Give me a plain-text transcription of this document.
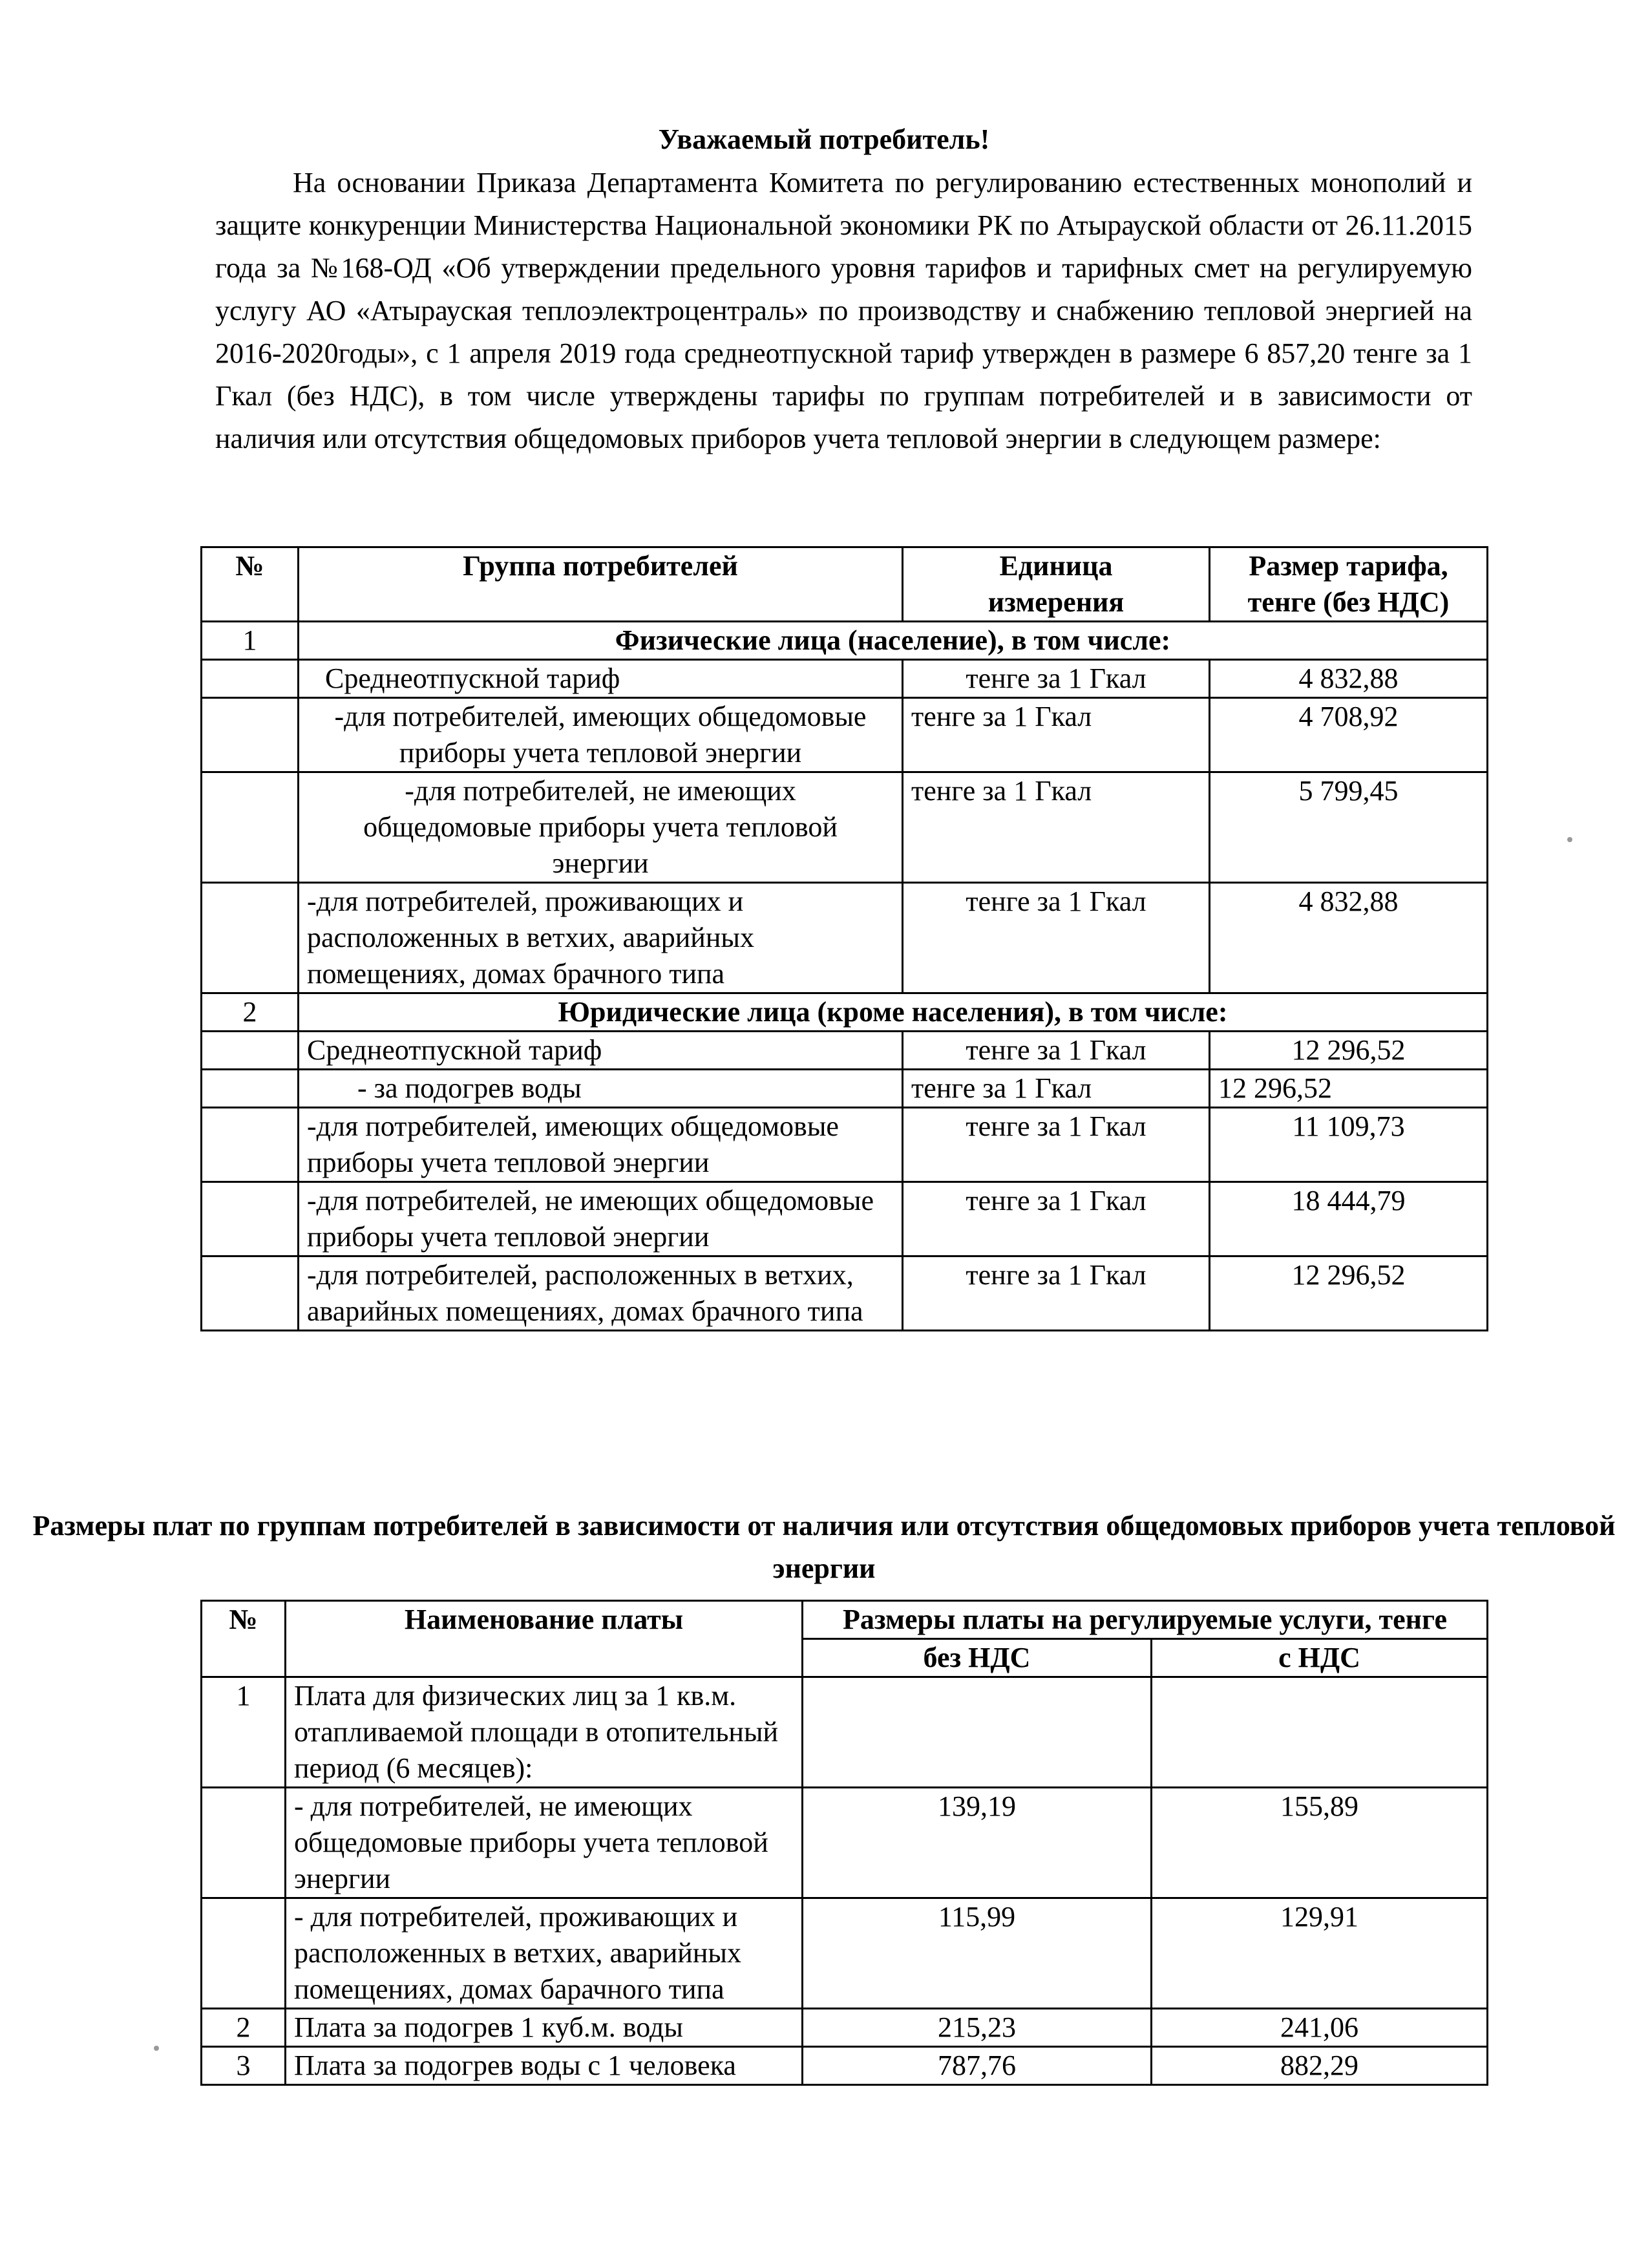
Уважаемый потребитель!

На основании Приказа Департамента Комитета по регулированию естественных монополий и защите конкуренции Министерства Национальной экономики РК по Атырауской области от 26.11.2015 года за №168-ОД «Об утверждении предельного уровня тарифов и тарифных смет на регулируемую услугу АО «Атырауская теплоэлектроцентраль» по производству и снабжению тепловой энергией на 2016-2020годы», с 1 апреля 2019 года среднеотпускной тариф утвержден в размере 6 857,20 тенге за 1 Гкал (без НДС), в том числе утверждены тарифы по группам потребителей и в зависимости от наличия или отсутствия общедомовых приборов учета тепловой энергии в следующем размере:

№	Группа потребителей	Единица измерения	Размер тарифа, тенге (без НДС)
1	Физические лица (население), в том числе:		
	Среднеотпускной тариф	тенге за 1 Гкал	4 832,88
	-для потребителей, имеющих общедомовые приборы учета тепловой энергии	тенге за 1 Гкал	4 708,92
	-для потребителей, не имеющих общедомовые приборы учета тепловой энергии	тенге за 1 Гкал	5 799,45
	-для потребителей, проживающих и расположенных в ветхих, аварийных помещениях, домах брачного типа	тенге за 1 Гкал	4 832,88
2	Юридические лица (кроме населения), в том числе:		
	Среднеотпускной тариф	тенге за 1 Гкал	12 296,52
	- за подогрев воды	тенге за 1 Гкал	12 296,52
	-для потребителей, имеющих общедомовые приборы учета тепловой энергии	тенге за 1 Гкал	11 109,73
	-для потребителей, не имеющих общедомовые приборы учета тепловой энергии	тенге за 1 Гкал	18 444,79
	-для потребителей, расположенных в ветхих, аварийных помещениях, домах брачного типа	тенге за 1 Гкал	12 296,52
Размеры плат по группам потребителей в зависимости от наличия или отсутствия общедомовых приборов учета тепловой энергии
№	Наименование платы	Размеры платы на регулируемые услуги, тенге	
		без НДС	с НДС
1	Плата для физических лиц за 1 кв.м. отапливаемой площади в отопительный период (6 месяцев):		
	- для потребителей, не имеющих общедомовые приборы учета тепловой энергии	139,19	155,89
	- для потребителей, проживающих и расположенных в ветхих, аварийных помещениях, домах барачного типа	115,99	129,91
2	Плата за подогрев 1 куб.м. воды	215,23	241,06
3	Плата за подогрев воды с 1 человека	787,76	882,29
